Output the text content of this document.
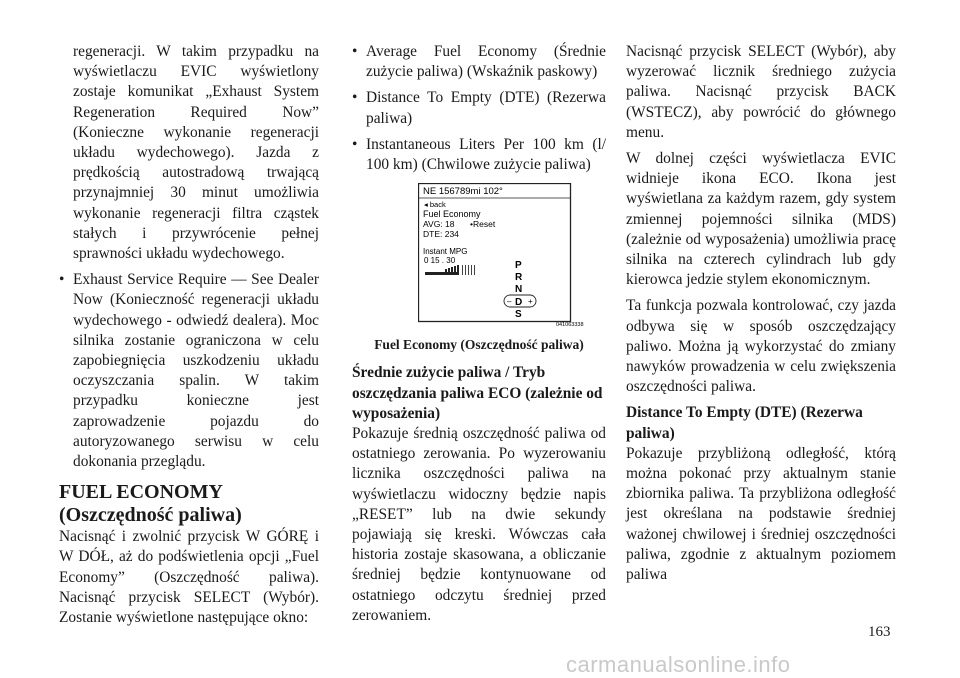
regeneracji. W takim przypadku na wyświetlaczu EVIC wyświetlony zostaje komunikat „Exhaust System Regeneration Required Now” (Konieczne wykonanie regeneracji układu wydechowego). Jazda z prędkością autostradową trwającą przynajmniej 30 minut umożliwia wykonanie regeneracji filtra cząstek stałych i przywrócenie pełnej sprawności układu wydechowego.

• Exhaust Service Require — See Dealer Now (Konieczność regeneracji układu wydechowego - odwiedź dealera). Moc silnika zostanie ograniczona w celu zapobiegnięcia uszkodzeniu układu oczyszczania spalin. W takim przypadku konieczne jest zaprowadzenie pojazdu do autoryzowanego serwisu w celu dokonania przeglądu.
FUEL ECONOMY
(Oszczędność paliwa)

Nacisnąć i zwolnić przycisk W GÓRĘ i W DÓŁ, aż do podświetlenia opcji „Fuel Economy” (Oszczędność paliwa). Nacisnąć przycisk SELECT (Wybór). Zostanie wyświetlone następujące okno:

• Average Fuel Economy (Średnie zużycie paliwa) (Wskaźnik paskowy)
• Distance To Empty (DTE) (Rezerwa paliwa)
• Instantaneous Liters Per 100 km (l/ 100 km) (Chwilowe zużycie paliwa)
NE 156789mi 102°
◂ back
Fuel Economy
AVG: 18 •Reset
DTE: 234
Instant MPG
0 15 . 30	P
R
N
– D +
S
041063338
Fuel Economy (Oszczędność paliwa)
Średnie zużycie paliwa / Tryb oszczędzania paliwa ECO (zależnie od wyposażenia)

Pokazuje średnią oszczędność paliwa od ostatniego zerowania. Po wyzerowaniu licznika oszczędności paliwa na wyświetlaczu widoczny będzie napis „RESET” lub na dwie sekundy pojawiają się kreski. Wówczas cała historia zostaje skasowana, a obliczanie średniej będzie kontynuowane od ostatniego odczytu średniej przed zerowaniem.

Nacisnąć przycisk SELECT (Wybór), aby wyzerować licznik średniego zużycia paliwa. Nacisnąć przycisk BACK (WSTECZ), aby powrócić do głównego menu.

W dolnej części wyświetlacza EVIC widnieje ikona ECO. Ikona jest wyświetlana za każdym razem, gdy system zmiennej pojemności silnika (MDS) (zależnie od wyposażenia) umożliwia pracę silnika na czterech cylindrach lub gdy kierowca jedzie stylem ekonomicznym.

Ta funkcja pozwala kontrolować, czy jazda odbywa się w sposób oszczędzający paliwo. Można ją wykorzystać do zmiany nawyków prowadzenia w celu zwiększenia oszczędności paliwa.

Distance To Empty (DTE) (Rezerwa paliwa)

Pokazuje przybliżoną odległość, którą można pokonać przy aktualnym stanie zbiornika paliwa. Ta przybliżona odległość jest określana na podstawie średniej ważonej chwilowej i średniej oszczędności paliwa, zgodnie z aktualnym poziomem paliwa

163
carmanualsonline.info
